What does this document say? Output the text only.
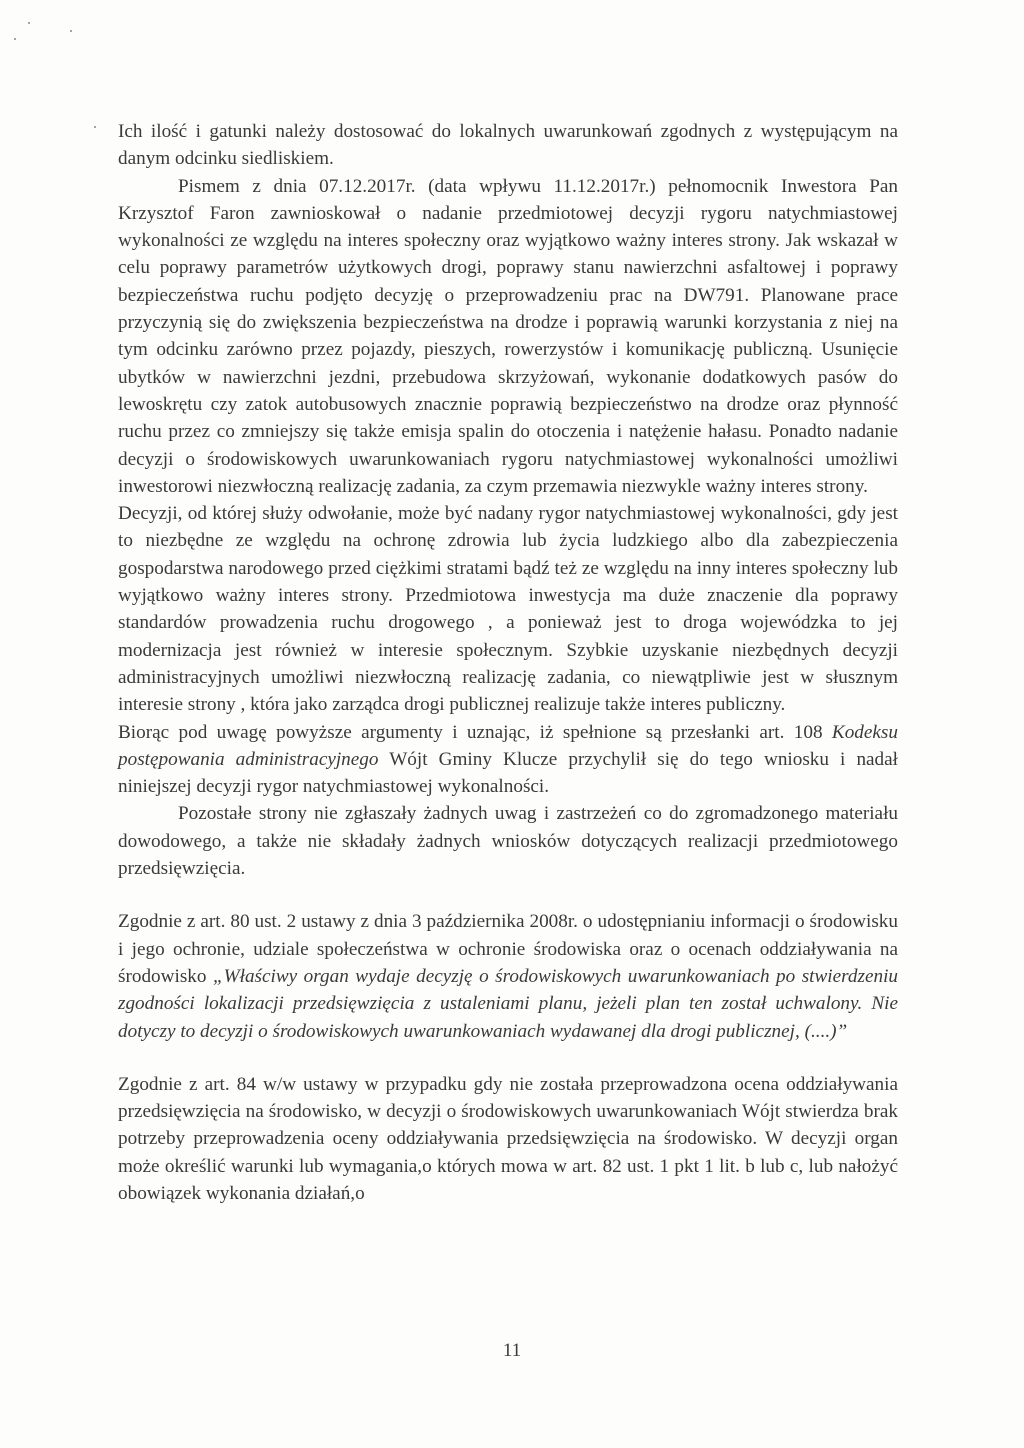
Ich ilość i gatunki należy dostosować do lokalnych uwarunkowań zgodnych z występującym na danym odcinku siedliskiem.

Pismem z dnia 07.12.2017r. (data wpływu 11.12.2017r.) pełnomocnik Inwestora Pan Krzysztof Faron zawnioskował o nadanie przedmiotowej decyzji rygoru natychmiastowej wykonalności ze względu na interes społeczny oraz wyjątkowo ważny interes strony. Jak wskazał w celu poprawy parametrów użytkowych drogi, poprawy stanu nawierzchni asfaltowej i poprawy bezpieczeństwa ruchu podjęto decyzję o przeprowadzeniu prac na DW791. Planowane prace przyczynią się do zwiększenia bezpieczeństwa na drodze i poprawią warunki korzystania z niej na tym odcinku zarówno przez pojazdy, pieszych, rowerzystów i komunikację publiczną. Usunięcie ubytków w nawierzchni jezdni, przebudowa skrzyżowań, wykonanie dodatkowych pasów do lewoskrętu czy zatok autobusowych znacznie poprawią bezpieczeństwo na drodze oraz płynność ruchu przez co zmniejszy się także emisja spalin do otoczenia i natężenie hałasu. Ponadto nadanie decyzji o środowiskowych uwarunkowaniach rygoru natychmiastowej wykonalności umożliwi inwestorowi niezwłoczną realizację zadania, za czym przemawia niezwykle ważny interes strony.

Decyzji, od której służy odwołanie, może być nadany rygor natychmiastowej wykonalności, gdy jest to niezbędne ze względu na ochronę zdrowia lub życia ludzkiego albo dla zabezpieczenia gospodarstwa narodowego przed ciężkimi stratami bądź też ze względu na inny interes społeczny lub wyjątkowo ważny interes strony. Przedmiotowa inwestycja ma duże znaczenie dla poprawy standardów prowadzenia ruchu drogowego , a ponieważ jest to droga wojewódzka to jej modernizacja jest również w interesie społecznym. Szybkie uzyskanie niezbędnych decyzji administracyjnych umożliwi niezwłoczną realizację zadania, co niewątpliwie jest w słusznym interesie strony , która jako zarządca drogi publicznej realizuje także interes publiczny.

Biorąc pod uwagę powyższe argumenty i uznając, iż spełnione są przesłanki art. 108 Kodeksu postępowania administracyjnego Wójt Gminy Klucze przychylił się do tego wniosku i nadał niniejszej decyzji rygor natychmiastowej wykonalności.

Pozostałe strony nie zgłaszały żadnych uwag i zastrzeżeń co do zgromadzonego materiału dowodowego, a także nie składały żadnych wniosków dotyczących realizacji przedmiotowego przedsięwzięcia.

Zgodnie z art. 80 ust. 2 ustawy z dnia 3 października 2008r. o udostępnianiu informacji o środowisku i jego ochronie, udziale społeczeństwa w ochronie środowiska oraz o ocenach oddziaływania na środowisko „Właściwy organ wydaje decyzję o środowiskowych uwarunkowaniach po stwierdzeniu zgodności lokalizacji przedsięwzięcia z ustaleniami planu, jeżeli plan ten został uchwalony. Nie dotyczy to decyzji o środowiskowych uwarunkowaniach wydawanej dla drogi publicznej, (....)”

Zgodnie z art. 84 w/w ustawy w przypadku gdy nie została przeprowadzona ocena oddziaływania przedsięwzięcia na środowisko, w decyzji o środowiskowych uwarunkowaniach Wójt stwierdza brak potrzeby przeprowadzenia oceny oddziaływania przedsięwzięcia na środowisko. W decyzji organ może określić warunki lub wymagania,o których mowa w art. 82 ust. 1 pkt 1 lit. b lub c, lub nałożyć obowiązek wykonania działań,o

11
